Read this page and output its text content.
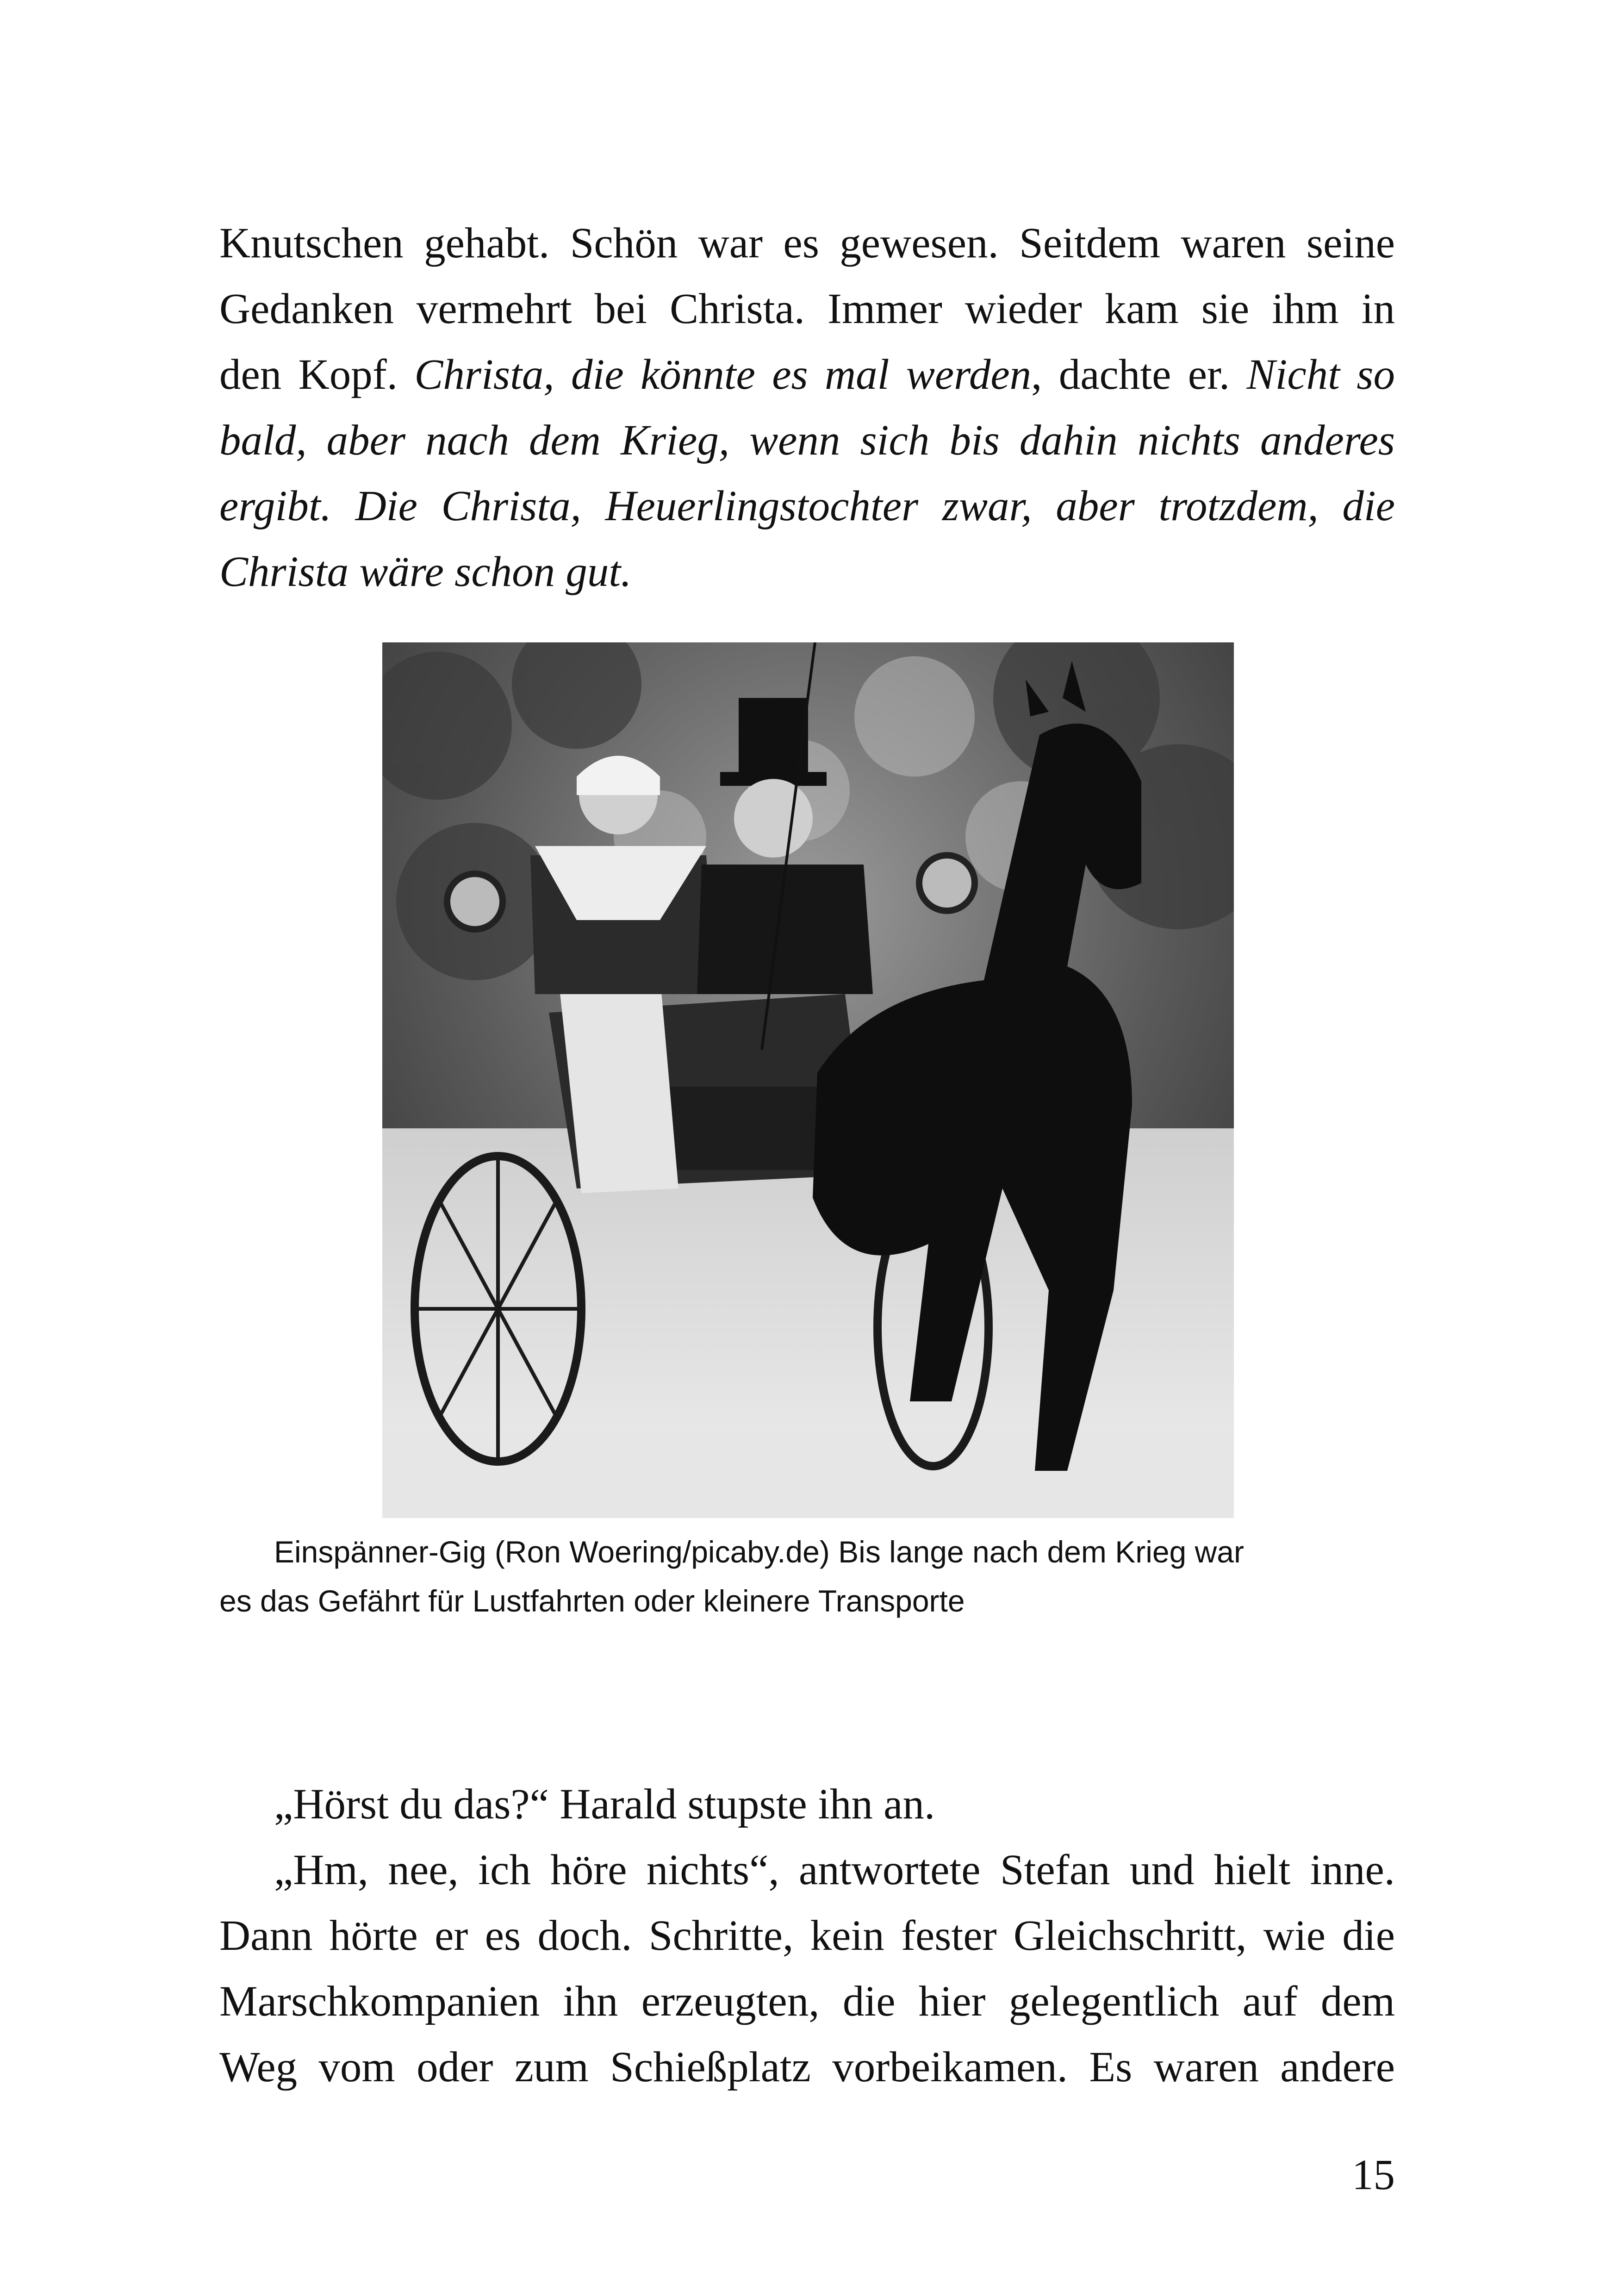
Knutschen gehabt. Schön war es gewesen. Seitdem waren seine
Gedanken vermehrt bei Christa. Immer wieder kam sie ihm in
den Kopf. Christa, die könnte es mal werden, dachte er. Nicht so
bald, aber nach dem Krieg, wenn sich bis dahin nichts anderes
ergibt. Die Christa, Heuerlingstochter zwar, aber trotzdem, die
Christa wäre schon gut.
Einspänner-Gig (Ron Woering/picaby.de) Bis lange nach dem Krieg war
es das Gefährt für Lustfahrten oder kleinere Transporte
„Hörst du das?“ Harald stupste ihn an.
„Hm, nee, ich höre nichts“, antwortete Stefan und hielt inne.
Dann hörte er es doch. Schritte, kein fester Gleichschritt, wie die
Marschkompanien ihn erzeugten, die hier gelegentlich auf dem
Weg vom oder zum Schießplatz vorbeikamen. Es waren andere
15
